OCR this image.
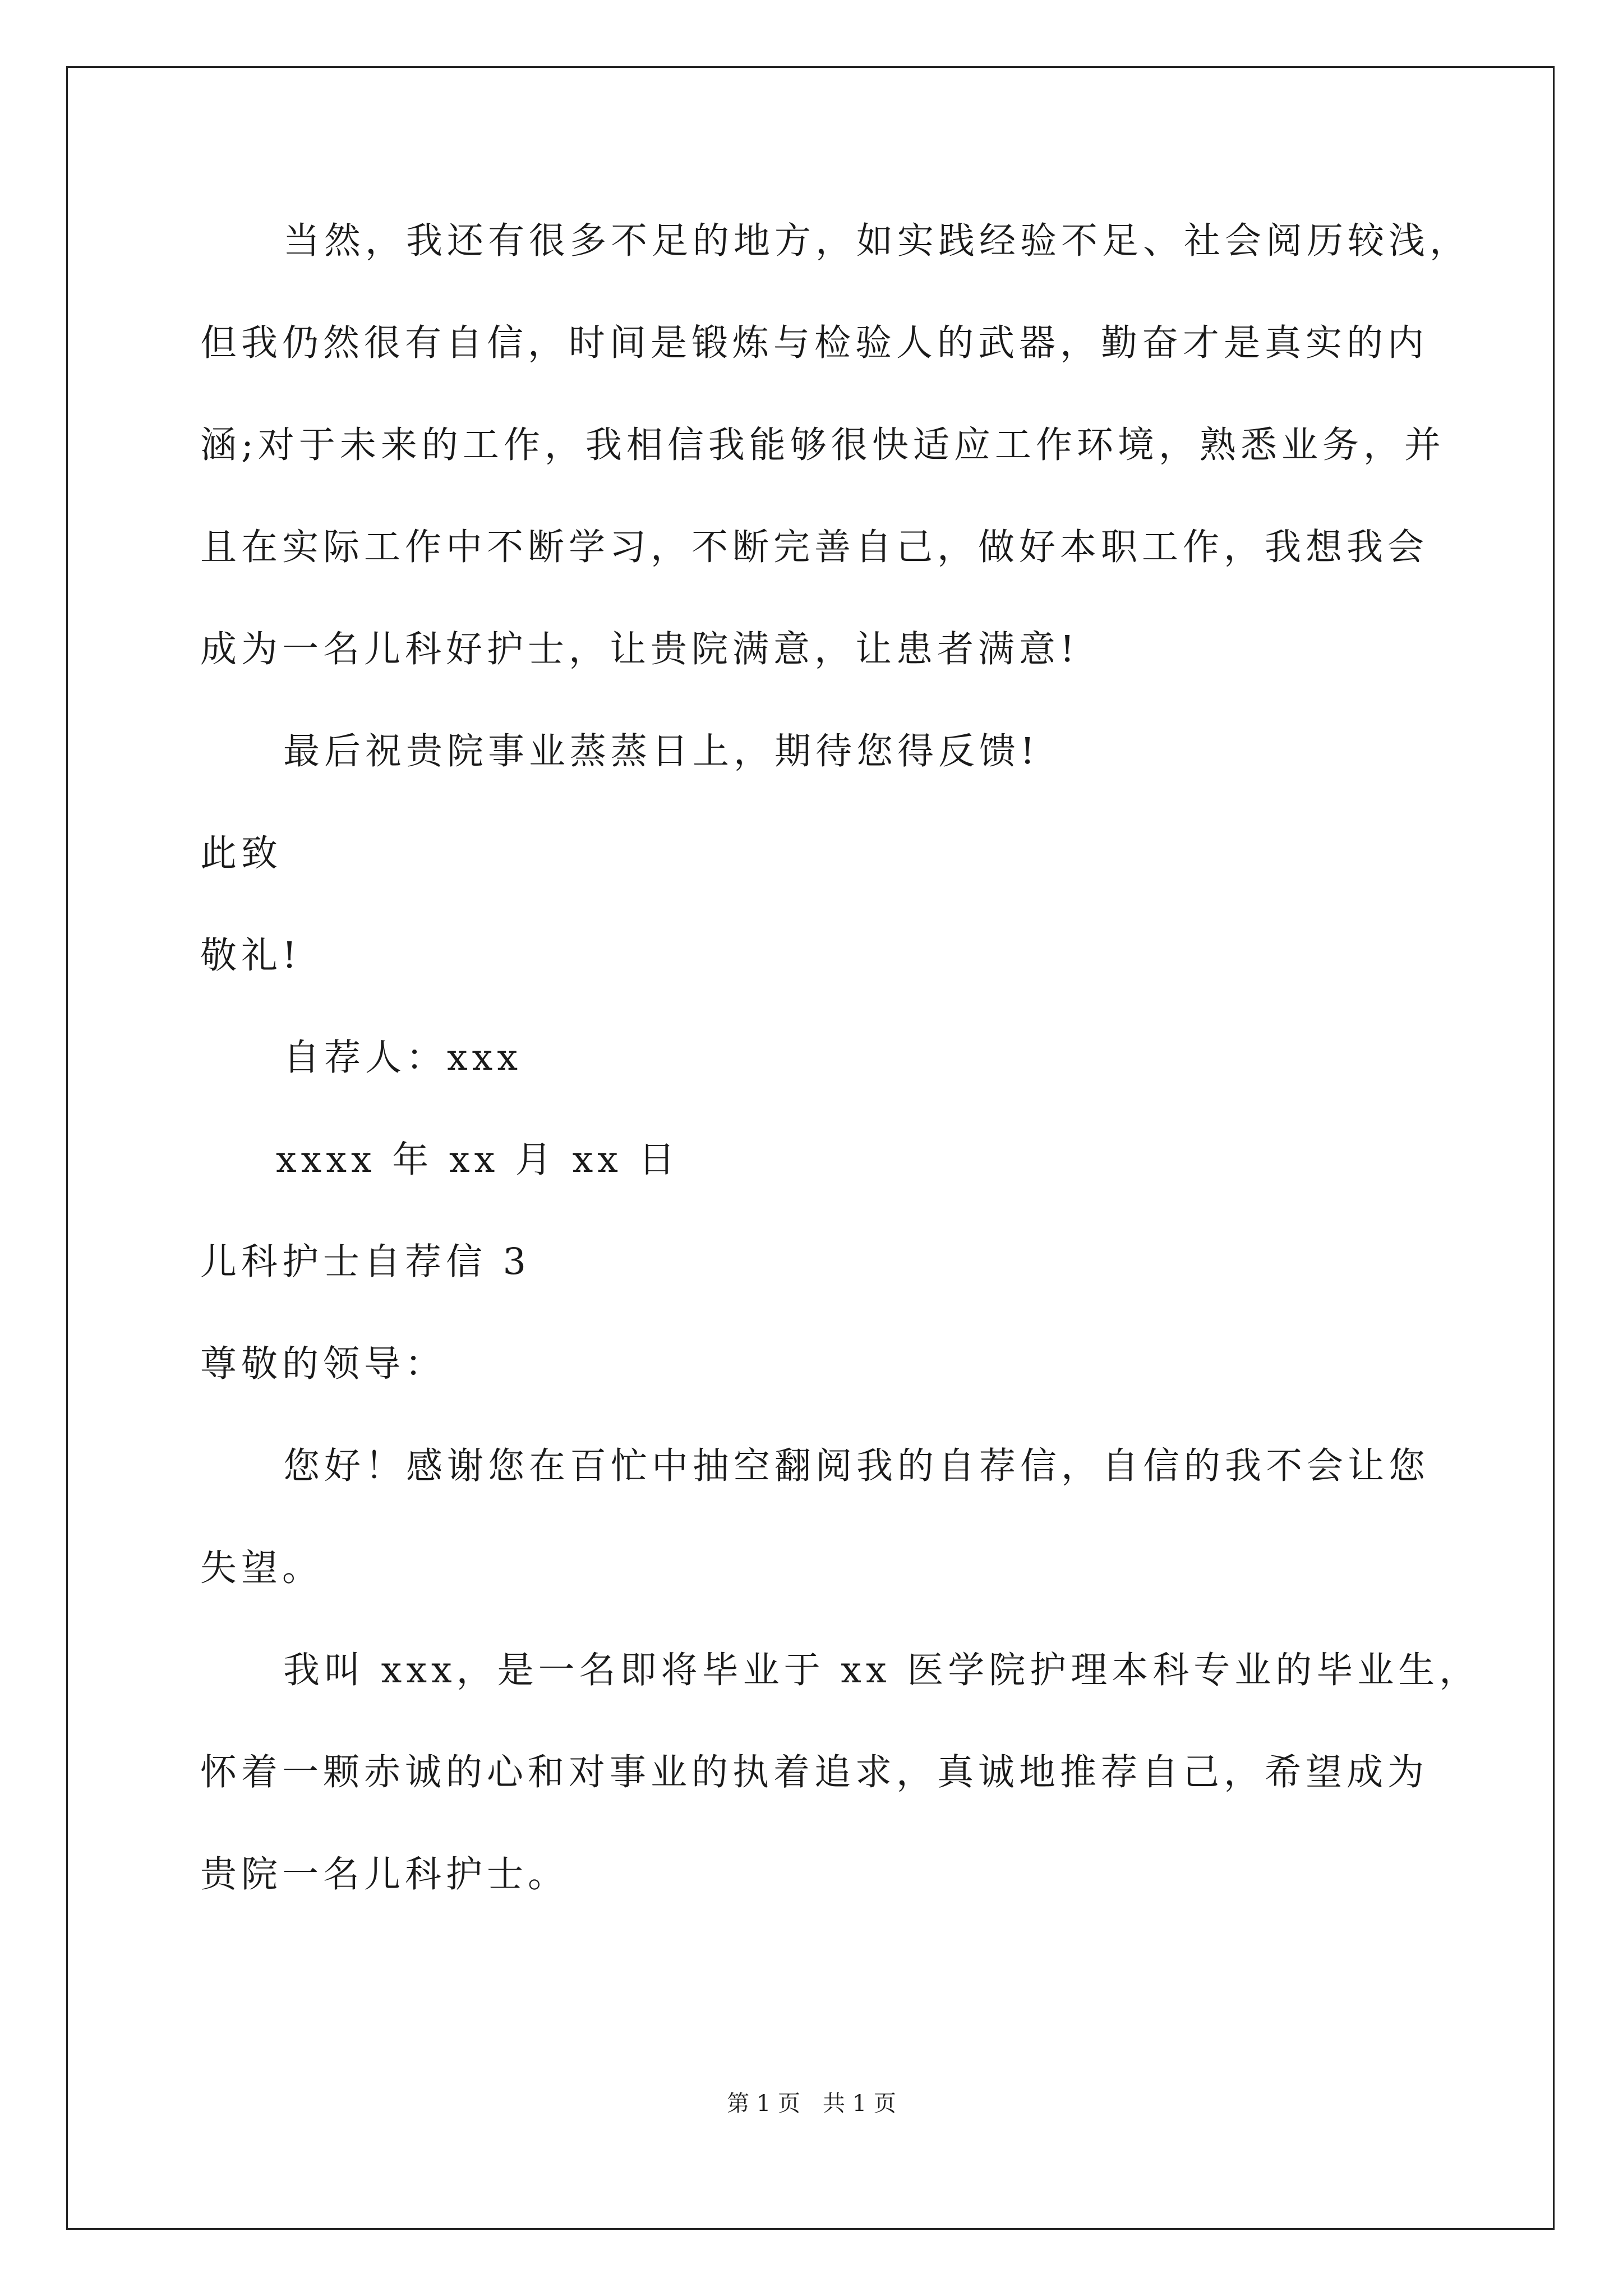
当然，我还有很多不足的地方，如实践经验不足、社会阅历较浅，
但我仍然很有自信，时间是锻炼与检验人的武器，勤奋才是真实的内
涵;对于未来的工作，我相信我能够很快适应工作环境，熟悉业务，并
且在实际工作中不断学习，不断完善自己，做好本职工作，我想我会
成为一名儿科好护士，让贵院满意，让患者满意!
最后祝贵院事业蒸蒸日上，期待您得反馈!
此致
敬礼!
自荐人：xxx
xxxx 年 xx 月 xx 日
儿科护士自荐信 3
尊敬的领导：
您好！感谢您在百忙中抽空翻阅我的自荐信，自信的我不会让您
失望。
我叫 xxx，是一名即将毕业于 xx 医学院护理本科专业的毕业生，
怀着一颗赤诚的心和对事业的执着追求，真诚地推荐自己，希望成为
贵院一名儿科护士。
第 1 页　共 1 页
